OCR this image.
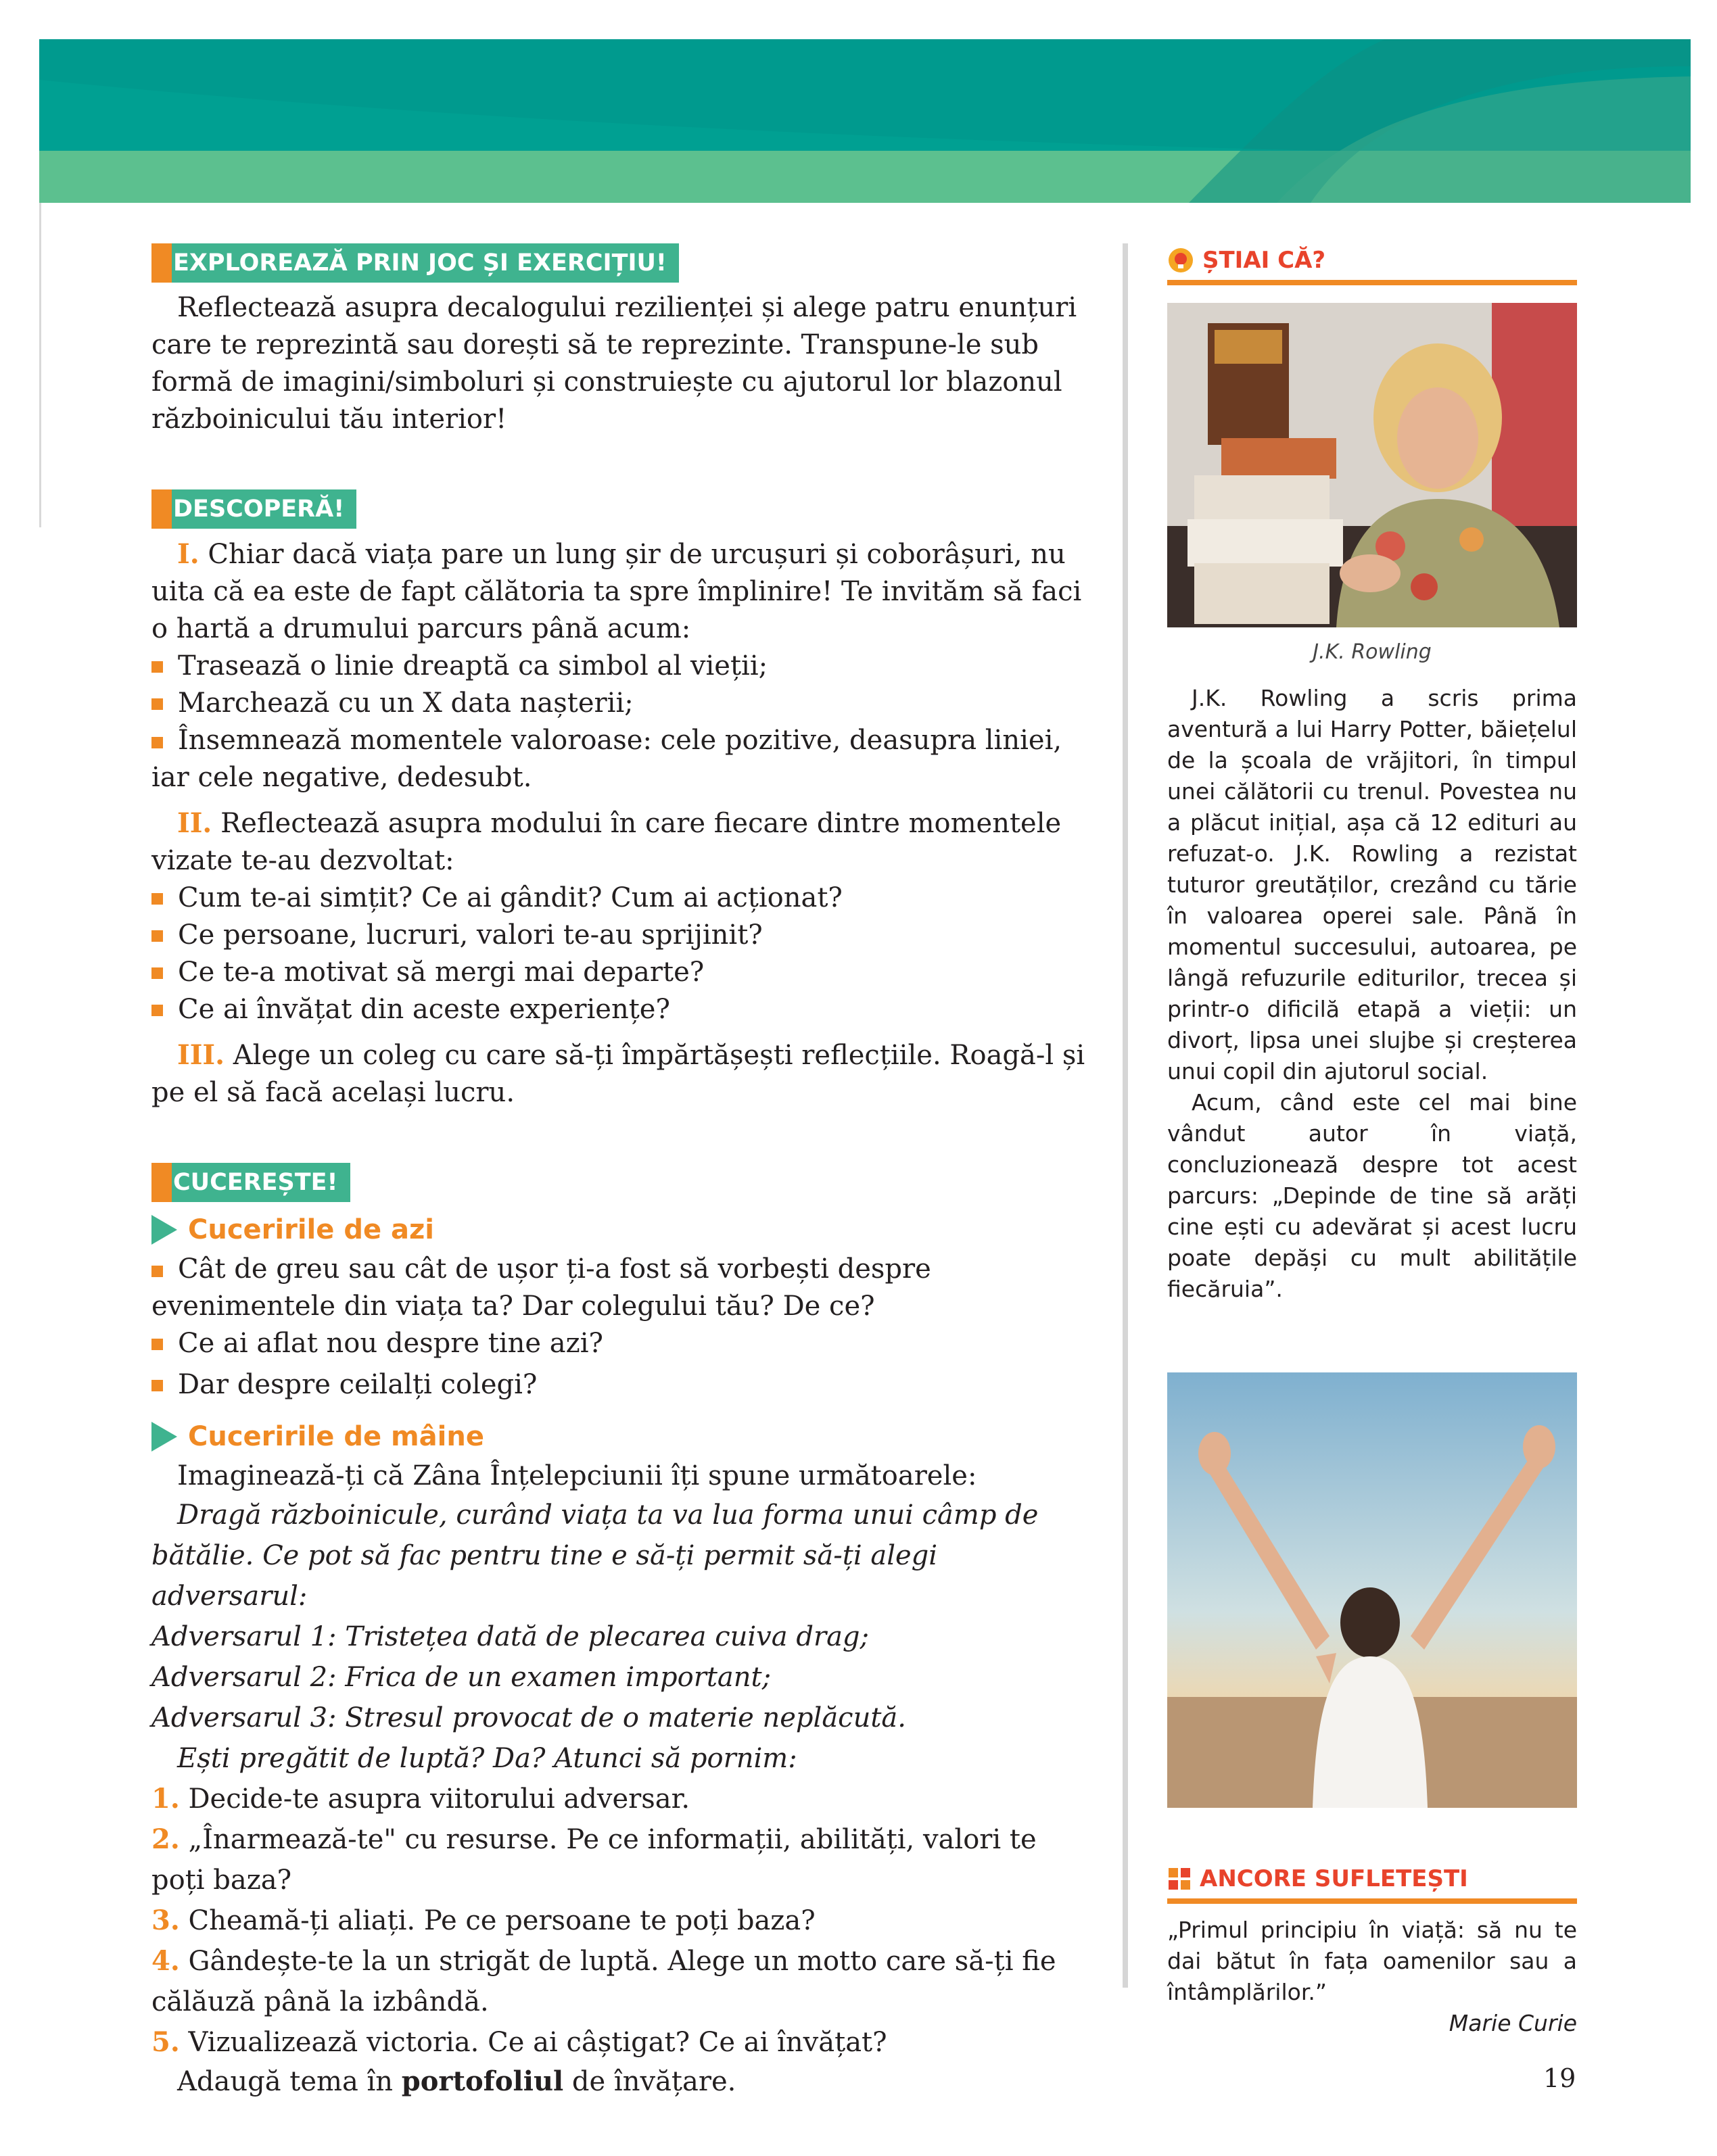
EXPLOREAZĂ PRIN JOC ȘI EXERCIȚIU!

Reflectează asupra decalogului rezilienței și alege patru enunțuri care te reprezintă sau dorești să te reprezinte. Transpune-le sub formă de imagini/simboluri și construiește cu ajutorul lor blazonul războinicului tău interior!

DESCOPERĂ!

I. Chiar dacă viața pare un lung șir de urcușuri și coborâșuri, nu uita că ea este de fapt călătoria ta spre împlinire! Te invităm să faci o hartă a drumului parcurs până acum:

Trasează o linie dreaptă ca simbol al vieții;
Marchează cu un X data nașterii;

Însemnează momentele valoroase: cele pozitive, deasupra liniei, iar cele negative, dedesubt.

II. Reflectează asupra modului în care fiecare dintre momentele vizate te-au dezvoltat:

Cum te-ai simțit? Ce ai gândit? Cum ai acționat?
Ce persoane, lucruri, valori te-au sprijinit?
Ce te-a motivat să mergi mai departe?
Ce ai învățat din aceste experiențe?

III. Alege un coleg cu care să-ți împărtășești reflecțiile. Roagă-l și pe el să facă același lucru.

CUCEREȘTE!
Cuceririle de azi

Cât de greu sau cât de ușor ți-a fost să vorbești despre evenimentele din viața ta? Dar colegului tău? De ce?

Ce ai aflat nou despre tine azi?
Dar despre ceilalți colegi?
Cuceririle de mâine

Imaginează-ți că Zâna Înțelepciunii îți spune următoarele:

Dragă războinicule, curând viața ta va lua forma unui câmp de bătălie. Ce pot să fac pentru tine e să-ți permit să-ți alegi adversarul:

Adversarul 1: Tristețea dată de plecarea cuiva drag;

Adversarul 2: Frica de un examen important;

Adversarul 3: Stresul provocat de o materie neplăcută.

Ești pregătit de luptă? Da? Atunci să pornim:

1. Decide-te asupra viitorului adversar.

2. „Înarmează-te" cu resurse. Pe ce informații, abilități, valori te poți baza?

3. Cheamă-ți aliați. Pe ce persoane te poți baza?

4. Gândește-te la un strigăt de luptă. Alege un motto care să-ți fie călăuză până la izbândă.

5. Vizualizează victoria. Ce ai câștigat? Ce ai învățat?

Adaugă tema în portofoliul de învățare.

ȘTIAI CĂ?
J.K. Rowling

J.K. Rowling a scris prima aventură a lui Harry Potter, băiețelul de la școala de vrăjitori, în timpul unei călătorii cu trenul. Povestea nu a plăcut inițial, așa că 12 edituri au refuzat-o. J.K. Rowling a rezistat tuturor greutăților, crezând cu tărie în valoarea operei sale. Până în momentul succesului, autoarea, pe lângă refuzurile editurilor, trecea și printr-o dificilă etapă a vieții: un divorț, lipsa unei slujbe și creșterea unui copil din ajutorul social.

Acum, când este cel mai bine vândut autor în viață, concluzionează despre tot acest parcurs: „Depinde de tine să arăți cine ești cu adevărat și acest lucru poate depăși cu mult abilitățile fiecăruia”.

ANCORE SUFLETEȘTI

„Primul principiu în viață: să nu te dai bătut în fața oamenilor sau a întâmplărilor.”

Marie Curie

19
